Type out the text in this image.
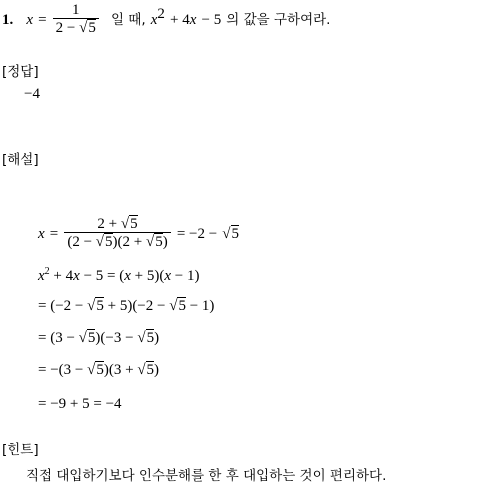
1. $x = \frac{1}{2 - √5}$ 일 때, $x^2 + 4x - 5$ 의 값을 구하여라.
[정답]
−4
[해설]
$x = \frac{2 + √5}{(2 - √5)(2 + √5)} = -2 - √5$
$x^2 + 4x - 5 = (x + 5)(x - 1)$
= (−2 − √5 + 5)(−2 − √5 − 1)
= (3 − √5)(−3 − √5)
= −(3 − √5)(3 + √5)
= −9 + 5 = −4
[힌트]
직접 대입하기보다 인수분해를 한 후 대입하는 것이 편리하다.
